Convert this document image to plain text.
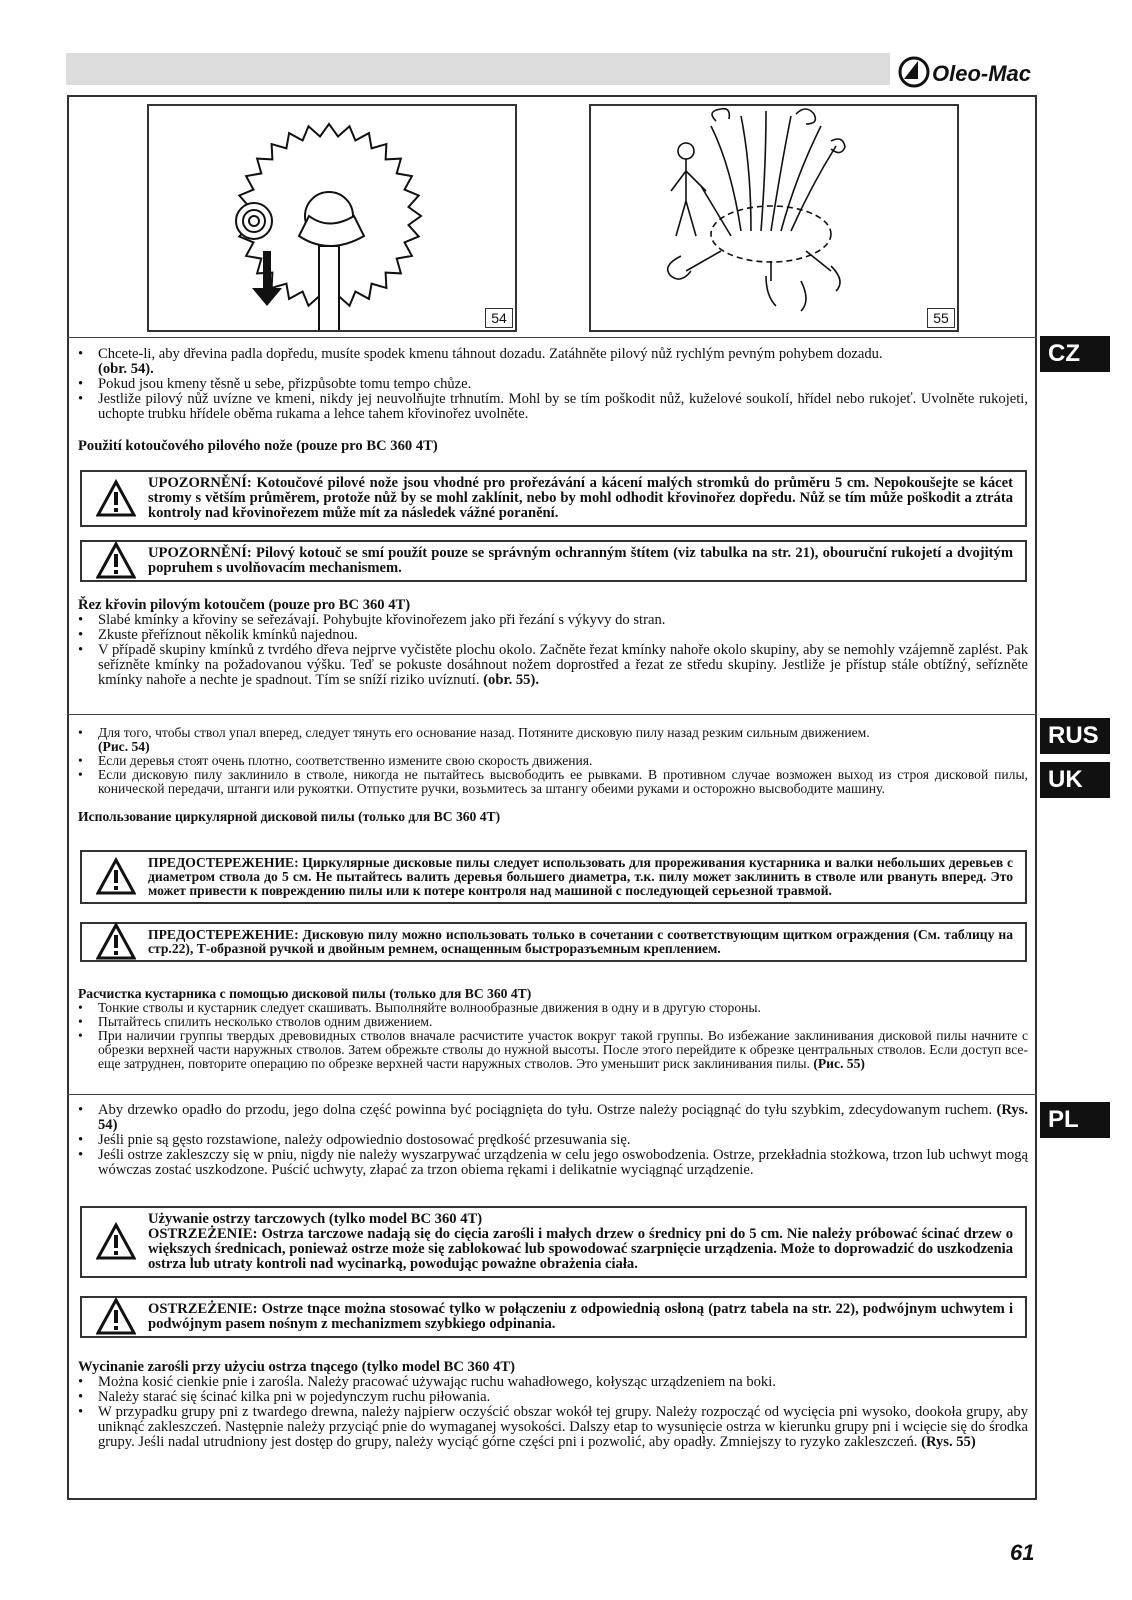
Oleo-Mac
54	55
• Chcete-li, aby dřevina padla dopředu, musíte spodek kmenu táhnout dozadu. Zatáhněte pilový nůž rychlým pevným pohybem dozadu.
(obr. 54).
• Pokud jsou kmeny těsně u sebe, přizpůsobte tomu tempo chůze.
• Jestliže pilový nůž uvízne ve kmeni, nikdy jej neuvolňujte trhnutím. Mohl by se tím poškodit nůž, kuželové soukolí, hřídel nebo rukojeť. Uvolněte rukojeti, uchopte trubku hřídele oběma rukama a lehce tahem křovinořez uvolněte.

Použití kotoučového pilového nože (pouze pro BC 360 4T)

UPOZORNĚNÍ: Kotoučové pilové nože jsou vhodné pro prořezávání a kácení malých stromků do průměru 5 cm. Nepokoušejte se kácet stromy s větším průměrem, protože nůž by se mohl zaklínit, nebo by mohl odhodit křovinořez dopředu. Nůž se tím může poškodit a ztráta kontroly nad křovinořezem může mít za následek vážné poranění.
UPOZORNĚNÍ: Pilový kotouč se smí použít pouze se správným ochranným štítem (viz tabulka na str. 21), obouruční rukojetí a dvojitým popruhem s uvolňovacím mechanismem.

Řez křovin pilovým kotoučem (pouze pro BC 360 4T)

• Slabé kmínky a křoviny se seřezávají. Pohybujte křovinořezem jako při řezání s výkyvy do stran.
• Zkuste přeříznout několik kmínků najednou.
• V případě skupiny kmínků z tvrdého dřeva nejprve vyčistěte plochu okolo. Začněte řezat kmínky nahoře okolo skupiny, aby se nemohly vzájemně zaplést. Pak seřízněte kmínky na požadovanou výšku. Teď se pokuste dosáhnout nožem doprostřed a řezat ze středu skupiny. Jestliže je přístup stále obtížný, seřízněte kmínky nahoře a nechte je spadnout. Tím se sníží riziko uvíznutí. (obr. 55).
• Для того, чтобы ствол упал вперед, следует тянуть его основание назад. Потяните дисковую пилу назад резким сильным движением.
(Рис. 54)
• Если деревья стоят очень плотно, соответственно измените свою скорость движения.
• Если дисковую пилу заклинило в стволе, никогда не пытайтесь высвободить ее рывками. В противном случае возможен выход из строя дисковой пилы, конической передачи, штанги или рукоятки. Отпустите ручки, возьмитесь за штангу обеими руками и осторожно высвободите машину.

Использование циркулярной дисковой пилы (только для BC 360 4T)

ПРЕДОСТЕРЕЖЕНИЕ: Циркулярные дисковые пилы следует использовать для прореживания кустарника и валки небольших деревьев с диаметром ствола до 5 см. Не пытайтесь валить деревья большего диаметра, т.к. пилу может заклинить в стволе или рвануть вперед. Это может привести к повреждению пилы или к потере контроля над машиной с последующей серьезной травмой.
ПРЕДОСТЕРЕЖЕНИЕ: Дисковую пилу можно использовать только в сочетании с соответствующим щитком ограждения (См. таблицу на стр.22), Т-образной ручкой и двойным ремнем, оснащенным быстроразъемным креплением.

Расчистка кустарника с помощью дисковой пилы (только для BC 360 4T)

• Тонкие стволы и кустарник следует скашивать. Выполняйте волнообразные движения в одну и в другую стороны.
• Пытайтесь спилить несколько стволов одним движением.
• При наличии группы твердых древовидных стволов вначале расчистите участок вокруг такой группы. Во избежание заклинивания дисковой пилы начните с обрезки верхней части наружных стволов. Затем обрежьте стволы до нужной высоты. После этого перейдите к обрезке центральных стволов. Если доступ все-еще затруднен, повторите операцию по обрезке верхней части наружных стволов. Это уменьшит риск заклинивания пилы. (Рис. 55)
• Aby drzewko opadło do przodu, jego dolna część powinna być pociągnięta do tyłu. Ostrze należy pociągnąć do tyłu szybkim, zdecydowanym ruchem. (Rys. 54)
• Jeśli pnie są gęsto rozstawione, należy odpowiednio dostosować prędkość przesuwania się.
• Jeśli ostrze zakleszczy się w pniu, nigdy nie należy wyszarpywać urządzenia w celu jego oswobodzenia. Ostrze, przekładnia stożkowa, trzon lub uchwyt mogą wówczas zostać uszkodzone. Puścić uchwyty, złapać za trzon obiema rękami i delikatnie wyciągnąć urządzenie.
Używanie ostrzy tarczowych (tylko model BC 360 4T)
OSTRZEŻENIE: Ostrza tarczowe nadają się do cięcia zarośli i małych drzew o średnicy pni do 5 cm. Nie należy próbować ścinać drzew o większych średnicach, ponieważ ostrze może się zablokować lub spowodować szarpnięcie urządzenia. Może to doprowadzić do uszkodzenia ostrza lub utraty kontroli nad wycinarką, powodując poważne obrażenia ciała.
OSTRZEŻENIE: Ostrze tnące można stosować tylko w połączeniu z odpowiednią osłoną (patrz tabela na str. 22), podwójnym uchwytem i podwójnym pasem nośnym z mechanizmem szybkiego odpinania.

Wycinanie zarośli przy użyciu ostrza tnącego (tylko model BC 360 4T)

• Można kosić cienkie pnie i zarośla. Należy pracować używając ruchu wahadłowego, kołysząc urządzeniem na boki.
• Należy starać się ścinać kilka pni w pojedynczym ruchu piłowania.
• W przypadku grupy pni z twardego drewna, należy najpierw oczyścić obszar wokół tej grupy. Należy rozpocząć od wycięcia pni wysoko, dookoła grupy, aby uniknąć zakleszczeń. Następnie należy przyciąć pnie do wymaganej wysokości. Dalszy etap to wysunięcie ostrza w kierunku grupy pni i wcięcie się do środka grupy. Jeśli nadal utrudniony jest dostęp do grupy, należy wyciąć górne części pni i pozwolić, aby opadły. Zmniejszy to ryzyko zakleszczeń. (Rys. 55)
CZ
RUS
UK
PL
61
